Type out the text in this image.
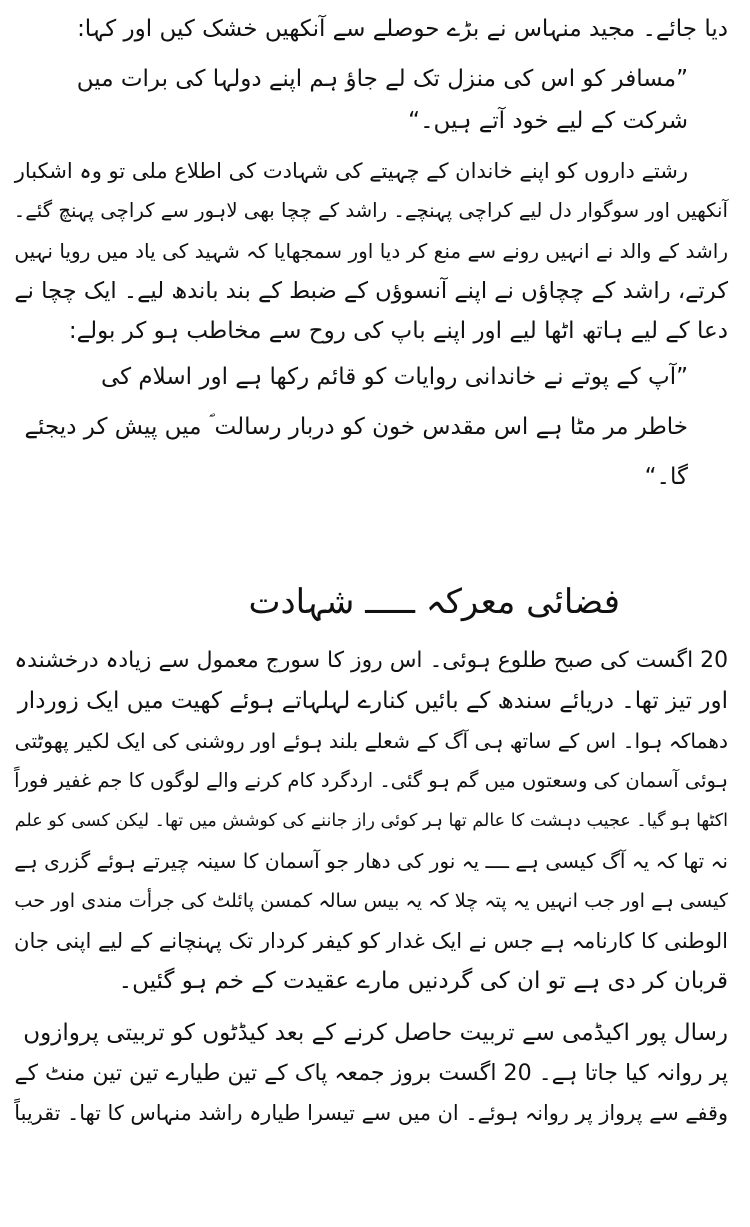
دیا جائے۔ مجید منہاس نے بڑے حوصلے سے آنکھیں خشک کیں اور کہا:
”مسافر کو اس کی منزل تک لے جاؤ ہم اپنے دولہا کی برات میں
شرکت کے لیے خود آتے ہیں۔“
رشتے داروں کو اپنے خاندان کے چہیتے کی شہادت کی اطلاع ملی تو وہ اشکبار
آنکھیں اور سوگوار دل لیے کراچی پہنچے۔ راشد کے چچا بھی لاہور سے کراچی پہنچ گئے۔
راشد کے والد نے انہیں رونے سے منع کر دیا اور سمجھایا کہ شہید کی یاد میں رویا نہیں
کرتے، راشد کے چچاؤں نے اپنے آنسوؤں کے ضبط کے بند باندھ لیے۔ ایک چچا نے
دعا کے لیے ہاتھ اٹھا لیے اور اپنے باپ کی روح سے مخاطب ہو کر بولے:
”آپ کے پوتے نے خاندانی روایات کو قائم رکھا ہے اور اسلام کی
خاطر مر مٹا ہے اس مقدس خون کو دربار رسالت ؐ میں پیش کر دیجئے
گا۔“
فضائی معرکہ ـــــ شہادت
20 اگست کی صبح طلوع ہوئی۔ اس روز کا سورج معمول سے زیادہ درخشندہ
اور تیز تھا۔ دریائے سندھ کے بائیں کنارے لہلہاتے ہوئے کھیت میں ایک زوردار
دھماکہ ہوا۔ اس کے ساتھ ہی آگ کے شعلے بلند ہوئے اور روشنی کی ایک لکیر پھوٹتی
ہوئی آسمان کی وسعتوں میں گم ہو گئی۔ اردگرد کام کرنے والے لوگوں کا جم غفیر فوراً
اکٹھا ہو گیا۔ عجیب دہشت کا عالم تھا ہر کوئی راز جاننے کی کوشش میں تھا۔ لیکن کسی کو علم
نہ تھا کہ یہ آگ کیسی ہے ــــ یہ نور کی دھار جو آسمان کا سینہ چیرتے ہوئے گزری ہے
کیسی ہے اور جب انہیں یہ پتہ چلا کہ یہ بیس سالہ کمسن پائلٹ کی جرأت مندی اور حب
الوطنی کا کارنامہ ہے جس نے ایک غدار کو کیفر کردار تک پہنچانے کے لیے اپنی جان
قربان کر دی ہے تو ان کی گردنیں مارے عقیدت کے خم ہو گئیں۔
رسال پور اکیڈمی سے تربیت حاصل کرنے کے بعد کیڈٹوں کو تربیتی پروازوں
پر روانہ کیا جاتا ہے۔ 20 اگست بروز جمعہ پاک کے تین طیارے تین تین منٹ کے
وقفے سے پرواز پر روانہ ہوئے۔ ان میں سے تیسرا طیارہ راشد منہاس کا تھا۔ تقریباً
